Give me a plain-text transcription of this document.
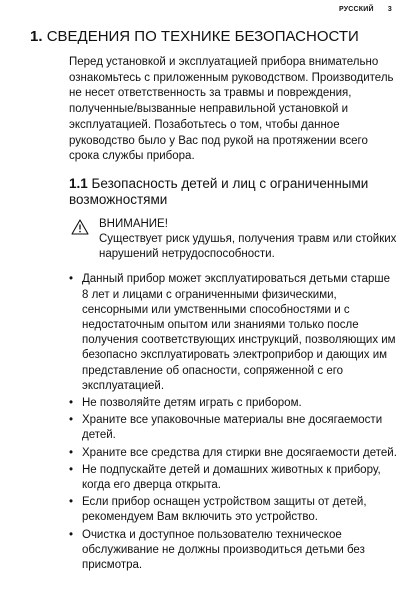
РУССКИЙ 3
1. СВЕДЕНИЯ ПО ТЕХНИКЕ БЕЗОПАСНОСТИ

Перед установкой и эксплуатацией прибора внимательно ознакомьтесь с приложенным руководством. Производитель не несет ответственность за травмы и повреждения, полученные/вызванные неправильной установкой и эксплуатацией. Позаботьтесь о том, чтобы данное руководство было у Вас под рукой на протяжении всего срока службы прибора.

1.1 Безопасность детей и лиц с ограниченными возможностями
ВНИМАНИЕ!
Существует риск удушья, получения травм или стойких нарушений нетрудоспособности.
• Данный прибор может эксплуатироваться детьми старше 8 лет и лицами с ограниченными физическими, сенсорными или умственными способностями и с недостаточным опытом или знаниями только после получения соответствующих инструкций, позволяющих им безопасно эксплуатировать электроприбор и дающих им представление об опасности, сопряженной с его эксплуатацией.
• Не позволяйте детям играть с прибором.
• Храните все упаковочные материалы вне досягаемости детей.
• Храните все средства для стирки вне досягаемости детей.
• Не подпускайте детей и домашних животных к прибору, когда его дверца открыта.
• Если прибор оснащен устройством защиты от детей, рекомендуем Вам включить это устройство.
• Очистка и доступное пользователю техническое обслуживание не должны производиться детьми без присмотра.
